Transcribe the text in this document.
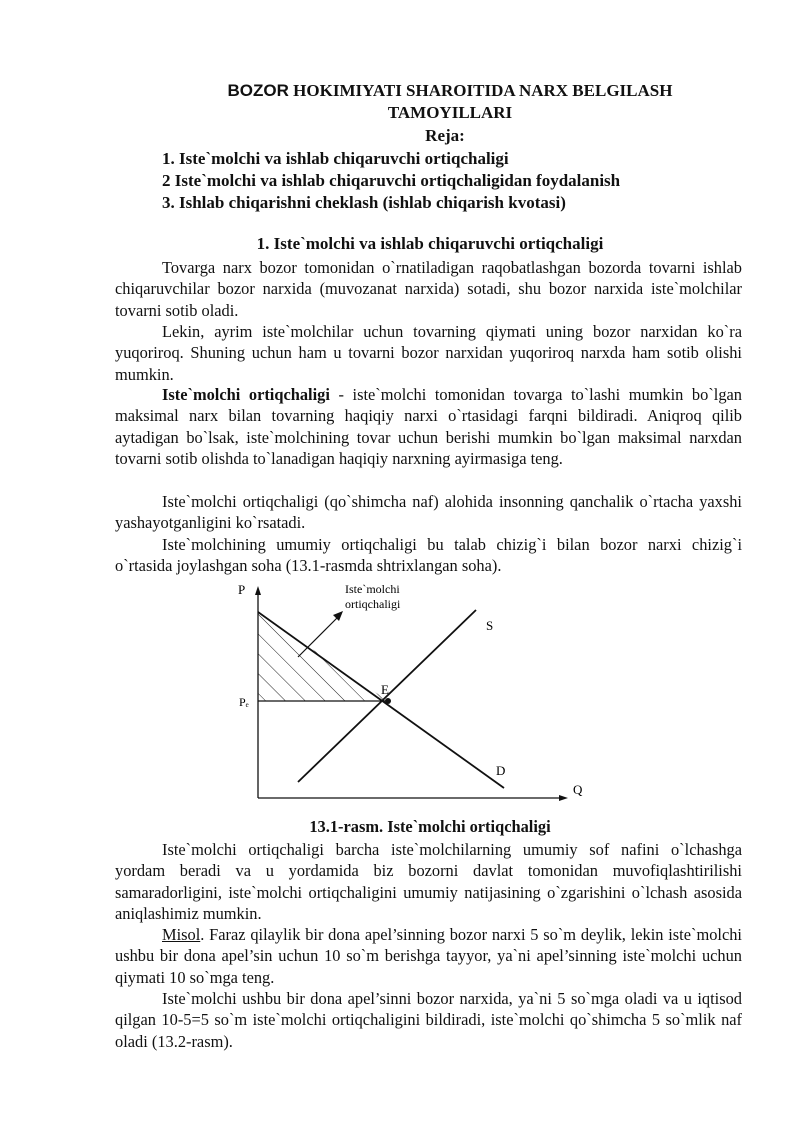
BOZOR HOKIMIYATI SHAROITIDA NARX BELGILASH
TAMOYILLARI
Reja:
1. Iste`molchi va ishlab chiqaruvchi ortiqchaligi
2 Iste`molchi va ishlab chiqaruvchi ortiqchaligidan foydalanish
3. Ishlab chiqarishni cheklash (ishlab chiqarish kvotasi)
1. Iste`molchi va ishlab chiqaruvchi ortiqchaligi

Tovarga narx bozor tomonidan o`rnatiladigan raqobatlashgan bozorda tovarni ishlab chiqaruvchilar bozor narxida (muvozanat narxida) sotadi, shu bozor narxida iste`molchilar tovarni sotib oladi.

Lekin, ayrim iste`molchilar uchun tovarning qiymati uning bozor narxidan ko`ra yuqoriroq. Shuning uchun ham u tovarni bozor narxidan yuqoriroq narxda ham sotib olishi mumkin.

Iste`molchi ortiqchaligi - iste`molchi tomonidan tovarga to`lashi mumkin bo`lgan maksimal narx bilan tovarning haqiqiy narxi o`rtasidagi farqni bildiradi. Aniqroq qilib aytadigan bo`lsak, iste`molchining tovar uchun berishi mumkin bo`lgan maksimal narxdan tovarni sotib olishda to`lanadigan haqiqiy narxning ayirmasiga teng.

Iste`molchi ortiqchaligi (qo`shimcha naf) alohida insonning qanchalik o`rtacha yaxshi yashayotganligini ko`rsatadi.

Iste`molchining umumiy ortiqchaligi bu talab chizig`i bilan bozor narxi chizig`i o`rtasida joylashgan soha (13.1-rasmda shtrixlangan soha).

P
Pₑ
Q
S
D
E
Iste`molchi
ortiqchaligi
13.1-rasm. Iste`molchi ortiqchaligi

Iste`molchi ortiqchaligi barcha iste`molchilarning umumiy sof nafini o`lchashga yordam beradi va u yordamida biz bozorni davlat tomonidan muvofiqlashtirilishi samaradorligini, iste`molchi ortiqchaligini umumiy natijasining o`zgarishini o`lchash asosida aniqlashimiz mumkin.

Misol. Faraz qilaylik bir dona apel’sinning bozor narxi 5 so`m deylik, lekin iste`molchi ushbu bir dona apel’sin uchun 10 so`m berishga tayyor, ya`ni apel’sinning iste`molchi uchun qiymati 10 so`mga teng.

Iste`molchi ushbu bir dona apel’sinni bozor narxida, ya`ni 5 so`mga oladi va u iqtisod qilgan 10-5=5 so`m iste`molchi ortiqchaligini bildiradi, iste`molchi qo`shimcha 5 so`mlik naf oladi (13.2-rasm).
